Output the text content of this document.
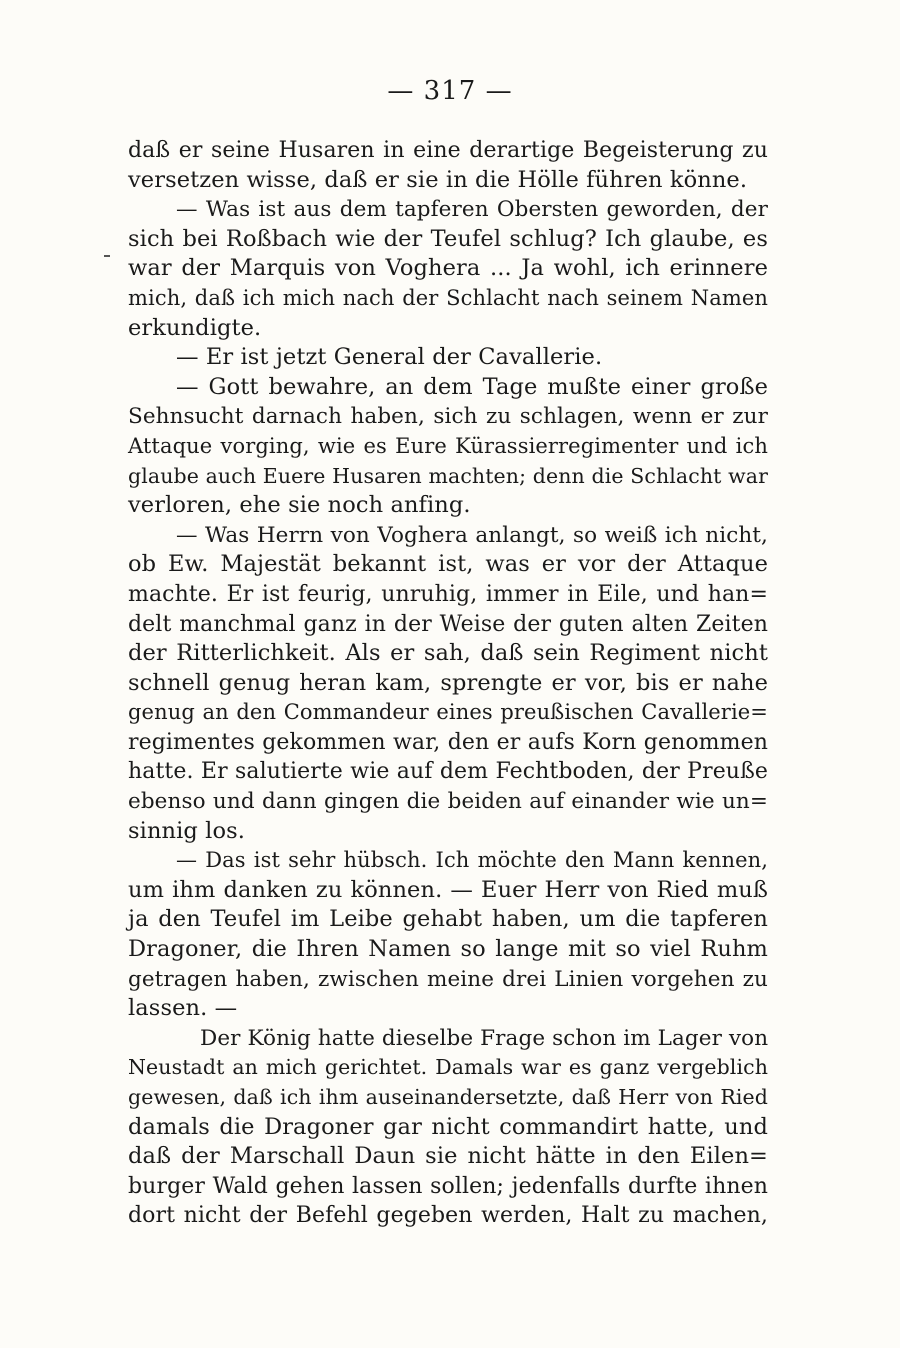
— 317 —
daß er seine Husaren in eine derartige Begeisterung zu
versetzen wisse, daß er sie in die Hölle führen könne.
— Was ist aus dem tapferen Obersten geworden, der
sich bei Roßbach wie der Teufel schlug? Ich glaube, es
war der Marquis von Voghera ... Ja wohl, ich erinnere
mich, daß ich mich nach der Schlacht nach seinem Namen
erkundigte.
— Er ist jetzt General der Cavallerie.
— Gott bewahre, an dem Tage mußte einer große
Sehnsucht darnach haben, sich zu schlagen, wenn er zur
Attaque vorging, wie es Eure Kürassierregimenter und ich
glaube auch Euere Husaren machten; denn die Schlacht war
verloren, ehe sie noch anfing.
— Was Herrn von Voghera anlangt, so weiß ich nicht,
ob Ew. Majestät bekannt ist, was er vor der Attaque
machte. Er ist feurig, unruhig, immer in Eile, und han=
delt manchmal ganz in der Weise der guten alten Zeiten
der Ritterlichkeit. Als er sah, daß sein Regiment nicht
schnell genug heran kam, sprengte er vor, bis er nahe
genug an den Commandeur eines preußischen Cavallerie=
regimentes gekommen war, den er aufs Korn genommen
hatte. Er salutierte wie auf dem Fechtboden, der Preuße
ebenso und dann gingen die beiden auf einander wie un=
sinnig los.
— Das ist sehr hübsch. Ich möchte den Mann kennen,
um ihm danken zu können. — Euer Herr von Ried muß
ja den Teufel im Leibe gehabt haben, um die tapferen
Dragoner, die Ihren Namen so lange mit so viel Ruhm
getragen haben, zwischen meine drei Linien vorgehen zu
lassen. —
Der König hatte dieselbe Frage schon im Lager von
Neustadt an mich gerichtet. Damals war es ganz vergeblich
gewesen, daß ich ihm auseinandersetzte, daß Herr von Ried
damals die Dragoner gar nicht commandirt hatte, und
daß der Marschall Daun sie nicht hätte in den Eilen=
burger Wald gehen lassen sollen; jedenfalls durfte ihnen
dort nicht der Befehl gegeben werden, Halt zu machen,
